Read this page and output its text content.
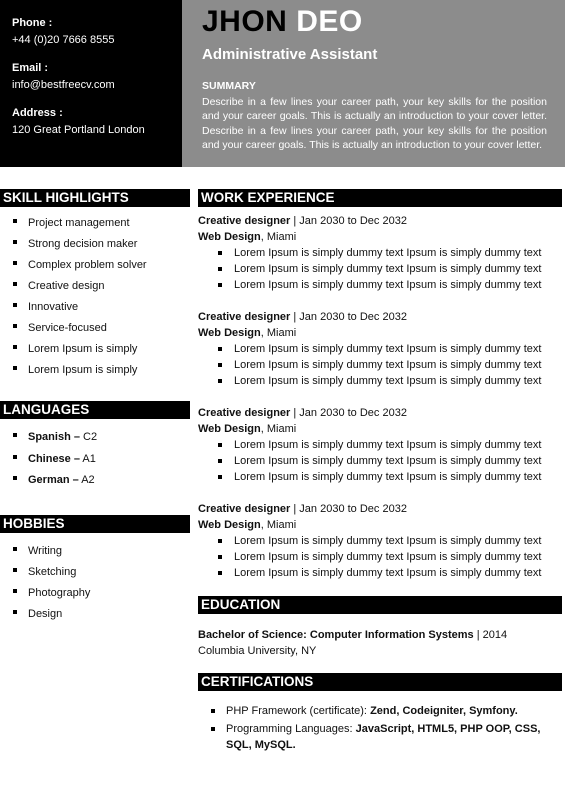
Phone :
+44 (0)20 7666 8555
Email :
info@bestfreecv.com
Address :
120 Great Portland London
JHON DEO
Administrative Assistant
SUMMARY
Describe in a few lines your career path, your key skills for the position and your career goals. This is actually an introduction to your cover letter. Describe in a few lines your career path, your key skills for the position and your career goals. This is actually an introduction to your cover letter.
SKILL HIGHLIGHTS
Project management
Strong decision maker
Complex problem solver
Creative design
Innovative
Service-focused
Lorem Ipsum is simply
Lorem Ipsum is simply
LANGUAGES
Spanish – C2
Chinese – A1
German – A2
HOBBIES
Writing
Sketching
Photography
Design
WORK EXPERIENCE
Creative designer | Jan 2030 to Dec 2032
Web Design, Miami
Lorem Ipsum is simply dummy text Ipsum is simply dummy text
Lorem Ipsum is simply dummy text Ipsum is simply dummy text
Lorem Ipsum is simply dummy text Ipsum is simply dummy text
Creative designer | Jan 2030 to Dec 2032
Web Design, Miami
Lorem Ipsum is simply dummy text Ipsum is simply dummy text
Lorem Ipsum is simply dummy text Ipsum is simply dummy text
Lorem Ipsum is simply dummy text Ipsum is simply dummy text
Creative designer | Jan 2030 to Dec 2032
Web Design, Miami
Lorem Ipsum is simply dummy text Ipsum is simply dummy text
Lorem Ipsum is simply dummy text Ipsum is simply dummy text
Lorem Ipsum is simply dummy text Ipsum is simply dummy text
Creative designer | Jan 2030 to Dec 2032
Web Design, Miami
Lorem Ipsum is simply dummy text Ipsum is simply dummy text
Lorem Ipsum is simply dummy text Ipsum is simply dummy text
Lorem Ipsum is simply dummy text Ipsum is simply dummy text
EDUCATION
Bachelor of Science: Computer Information Systems | 2014
Columbia University, NY
CERTIFICATIONS
PHP Framework (certificate): Zend, Codeigniter, Symfony.
Programming Languages: JavaScript, HTML5, PHP OOP, CSS, SQL, MySQL.
